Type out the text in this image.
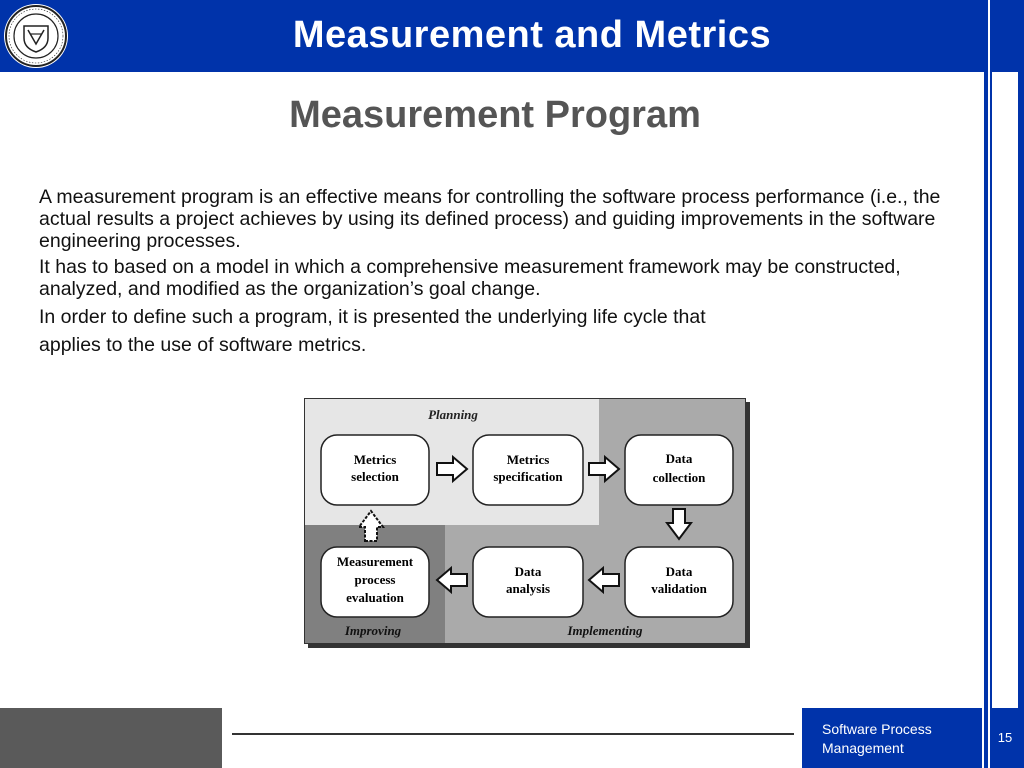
Measurement and Metrics
Measurement Program

A measurement program is an effective means for controlling the software process performance (i.e., the actual results a project achieves by using its defined process) and guiding improvements in the software engineering processes.

It has to based on a model in which a comprehensive measurement framework may be constructed, analyzed, and modified as the organization’s goal change.

In order to define such a program, it is presented the underlying life cycle that

applies to the use of software metrics.

Planning
Improving	Implementing
Metrics
selection
Metrics
specification
Data
collection
Measurement
process
evaluation
Data
analysis
Data
validation
Software Process
Management
15
